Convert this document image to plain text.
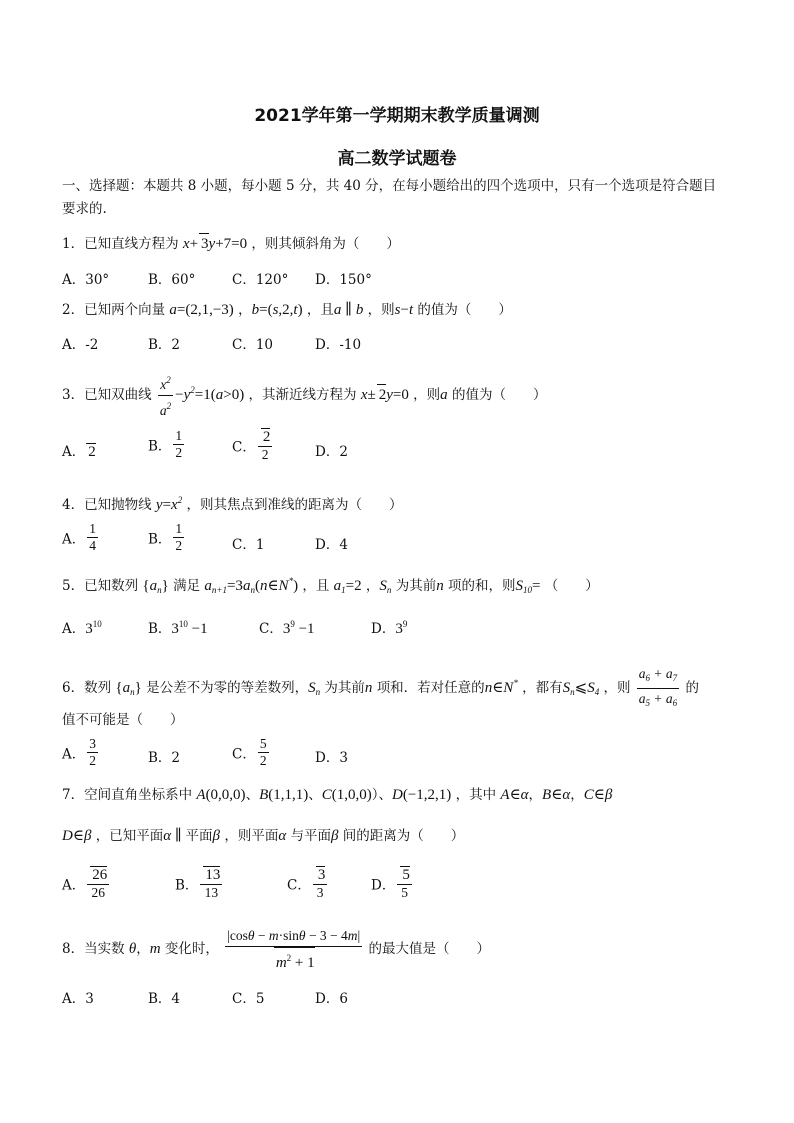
2021学年第一学期期末教学质量调测
高二数学试题卷
一、选择题：本题共 8 小题，每小题 5 分，共 40 分，在每小题给出的四个选项中，只有一个选项是符合题目
要求的.
1．已知直线方程为 x+ 3y+7=0 ，则其倾斜角为（　　）
A．30°	B．60°	C．120° D．150°
2．已知两个向量 a=(2,1,−3) ，b=(s,2,t) ，且a ∥ b ，则s−t 的值为（　　）
A．-2	B．2	C．10	D．-10
3．已知双曲线 $\frac{x^2}{a^2} -y^2=1(a>0)$ ，其渐近线方程为 x± 2y=0 ，则a 的值为（　　）
A． 2	B． $\frac{1}{2}$	C． $\frac{2}{2}$	D．2
4．已知抛物线 $y=x^2$ ，则其焦点到准线的距离为（　　）
A． $\frac{1}{4}$	B． $\frac{1}{2}$	C．1	D．4
5．已知数列 $\{a_n\}$ 满足 $a_{n+1}=3a_n(n\in N^*)$ ，且 $a_1=2$ ，$S_n$ 为其前n 项的和，则$S_{10}=$ （　　）
A．$3^{10}$	B．$3^{10} -1$	C．$3^9 -1$	D．$3^9$
6．数列 $\{a_n\}$ 是公差不为零的等差数列，$S_n$ 为其前n 项和．若对任意的n∈N* ，都有$S_n⩽S_4$ ，则 $\frac{a_6 + a_7}{a_5 + a_6}$ 的
值不可能是（　　）
A． $\frac{3}{2}$	B．2	C． $\frac{5}{2}$	D．3
7．空间直角坐标系中 A(0,0,0)、B(1,1,1)、C(1,0,0)）、D(−1,2,1) ，其中 A∈α，B∈α，C∈β
D∈β ，已知平面α ∥ 平面β ，则平面α 与平面β 间的距离为（　　）
A． $\frac{26}{26}$	B． $\frac{13}{13}$	C． $\frac{3}{3}$	D． $\frac{5}{5}$
8．当实数 θ，m 变化时， $\frac{|\cos\theta - m\cdot\sin\theta - 3 - 4m|}{m^2 + 1}$ 的最大值是（　　）
A．3	B．4	C．5	D．6
